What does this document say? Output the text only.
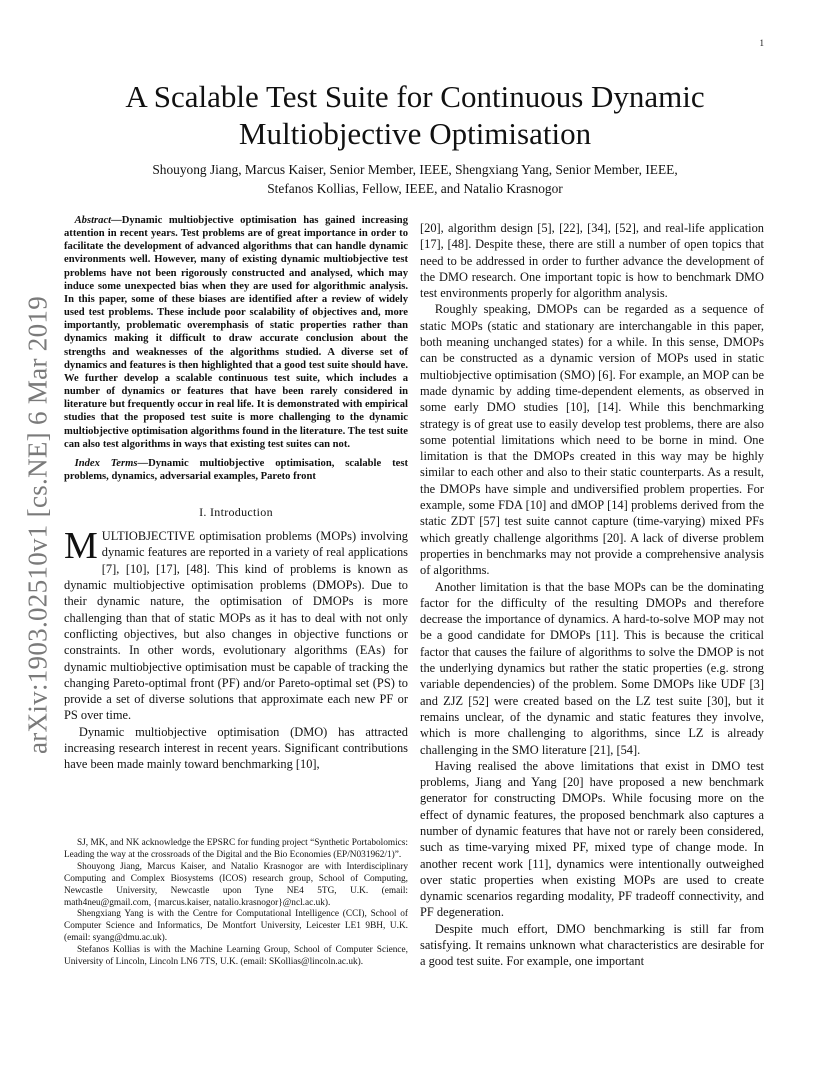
1
arXiv:1903.02510v1 [cs.NE] 6 Mar 2019
A Scalable Test Suite for Continuous Dynamic Multiobjective Optimisation
Shouyong Jiang, Marcus Kaiser, Senior Member, IEEE, Shengxiang Yang, Senior Member, IEEE,
Stefanos Kollias, Fellow, IEEE, and Natalio Krasnogor

Abstract—Dynamic multiobjective optimisation has gained increasing attention in recent years. Test problems are of great importance in order to facilitate the development of advanced algorithms that can handle dynamic environments well. However, many of existing dynamic multiobjective test problems have not been rigorously constructed and analysed, which may induce some unexpected bias when they are used for algorithmic analysis. In this paper, some of these biases are identified after a review of widely used test problems. These include poor scalability of objectives and, more importantly, problematic overemphasis of static properties rather than dynamics making it difficult to draw accurate conclusion about the strengths and weaknesses of the algorithms studied. A diverse set of dynamics and features is then highlighted that a good test suite should have. We further develop a scalable continuous test suite, which includes a number of dynamics or features that have been rarely considered in literature but frequently occur in real life. It is demonstrated with empirical studies that the proposed test suite is more challenging to the dynamic multiobjective optimisation algorithms found in the literature. The test suite can also test algorithms in ways that existing test suites can not.

Index Terms—Dynamic multiobjective optimisation, scalable test problems, dynamics, adversarial examples, Pareto front

I. Introduction

MULTIOBJECTIVE optimisation problems (MOPs) involving dynamic features are reported in a variety of real applications [7], [10], [17], [48]. This kind of problems is known as dynamic multiobjective optimisation problems (DMOPs). Due to their dynamic nature, the optimisation of DMOPs is more challenging than that of static MOPs as it has to deal with not only conflicting objectives, but also changes in objective functions or constraints. In other words, evolutionary algorithms (EAs) for dynamic multiobjective optimisation must be capable of tracking the changing Pareto-optimal front (PF) and/or Pareto-optimal set (PS) to provide a set of diverse solutions that approximate each new PF or PS over time.

Dynamic multiobjective optimisation (DMO) has attracted increasing research interest in recent years. Significant contributions have been made mainly toward benchmarking [10],

SJ, MK, and NK acknowledge the EPSRC for funding project “Synthetic Portabolomics: Leading the way at the crossroads of the Digital and the Bio Economies (EP/N031962/1)”.

Shouyong Jiang, Marcus Kaiser, and Natalio Krasnogor are with Interdisciplinary Computing and Complex Biosystems (ICOS) research group, School of Computing, Newcastle University, Newcastle upon Tyne NE4 5TG, U.K. (email: math4neu@gmail.com, {marcus.kaiser, natalio.krasnogor}@ncl.ac.uk).

Shengxiang Yang is with the Centre for Computational Intelligence (CCI), School of Computer Science and Informatics, De Montfort University, Leicester LE1 9BH, U.K. (email: syang@dmu.ac.uk).

Stefanos Kollias is with the Machine Learning Group, School of Computer Science, University of Lincoln, Lincoln LN6 7TS, U.K. (email: SKollias@lincoln.ac.uk).

[20], algorithm design [5], [22], [34], [52], and real-life application [17], [48]. Despite these, there are still a number of open topics that need to be addressed in order to further advance the development of the DMO research. One important topic is how to benchmark DMO test environments properly for algorithm analysis.

Roughly speaking, DMOPs can be regarded as a sequence of static MOPs (static and stationary are interchangable in this paper, both meaning unchanged states) for a while. In this sense, DMOPs can be constructed as a dynamic version of MOPs used in static multiobjective optimisation (SMO) [6]. For example, an MOP can be made dynamic by adding time-dependent elements, as observed in some early DMO studies [10], [14]. While this benchmarking strategy is of great use to easily develop test problems, there are also some potential limitations which need to be borne in mind. One limitation is that the DMOPs created in this way may be highly similar to each other and also to their static counterparts. As a result, the DMOPs have simple and undiversified problem properties. For example, some FDA [10] and dMOP [14] problems derived from the static ZDT [57] test suite cannot capture (time-varying) mixed PFs which greatly challenge algorithms [20]. A lack of diverse problem properties in benchmarks may not provide a comprehensive analysis of algorithms.

Another limitation is that the base MOPs can be the dominating factor for the difficulty of the resulting DMOPs and therefore decrease the importance of dynamics. A hard-to-solve MOP may not be a good candidate for DMOPs [11]. This is because the critical factor that causes the failure of algorithms to solve the DMOP is not the underlying dynamics but rather the static properties (e.g. strong variable dependencies) of the problem. Some DMOPs like UDF [3] and ZJZ [52] were created based on the LZ test suite [30], but it remains unclear, of the dynamic and static features they involve, which is more challenging to algorithms, since LZ is already challenging in the SMO literature [21], [54].

Having realised the above limitations that exist in DMO test problems, Jiang and Yang [20] have proposed a new benchmark generator for constructing DMOPs. While focusing more on the effect of dynamic features, the proposed benchmark also captures a number of dynamic features that have not or rarely been considered, such as time-varying mixed PF, mixed type of change mode. In another recent work [11], dynamics were intentionally outweighed over static properties when existing MOPs are used to create dynamic scenarios regarding modality, PF tradeoff connectivity, and PF degeneration.

Despite much effort, DMO benchmarking is still far from satisfying. It remains unknown what characteristics are desirable for a good test suite. For example, one important
